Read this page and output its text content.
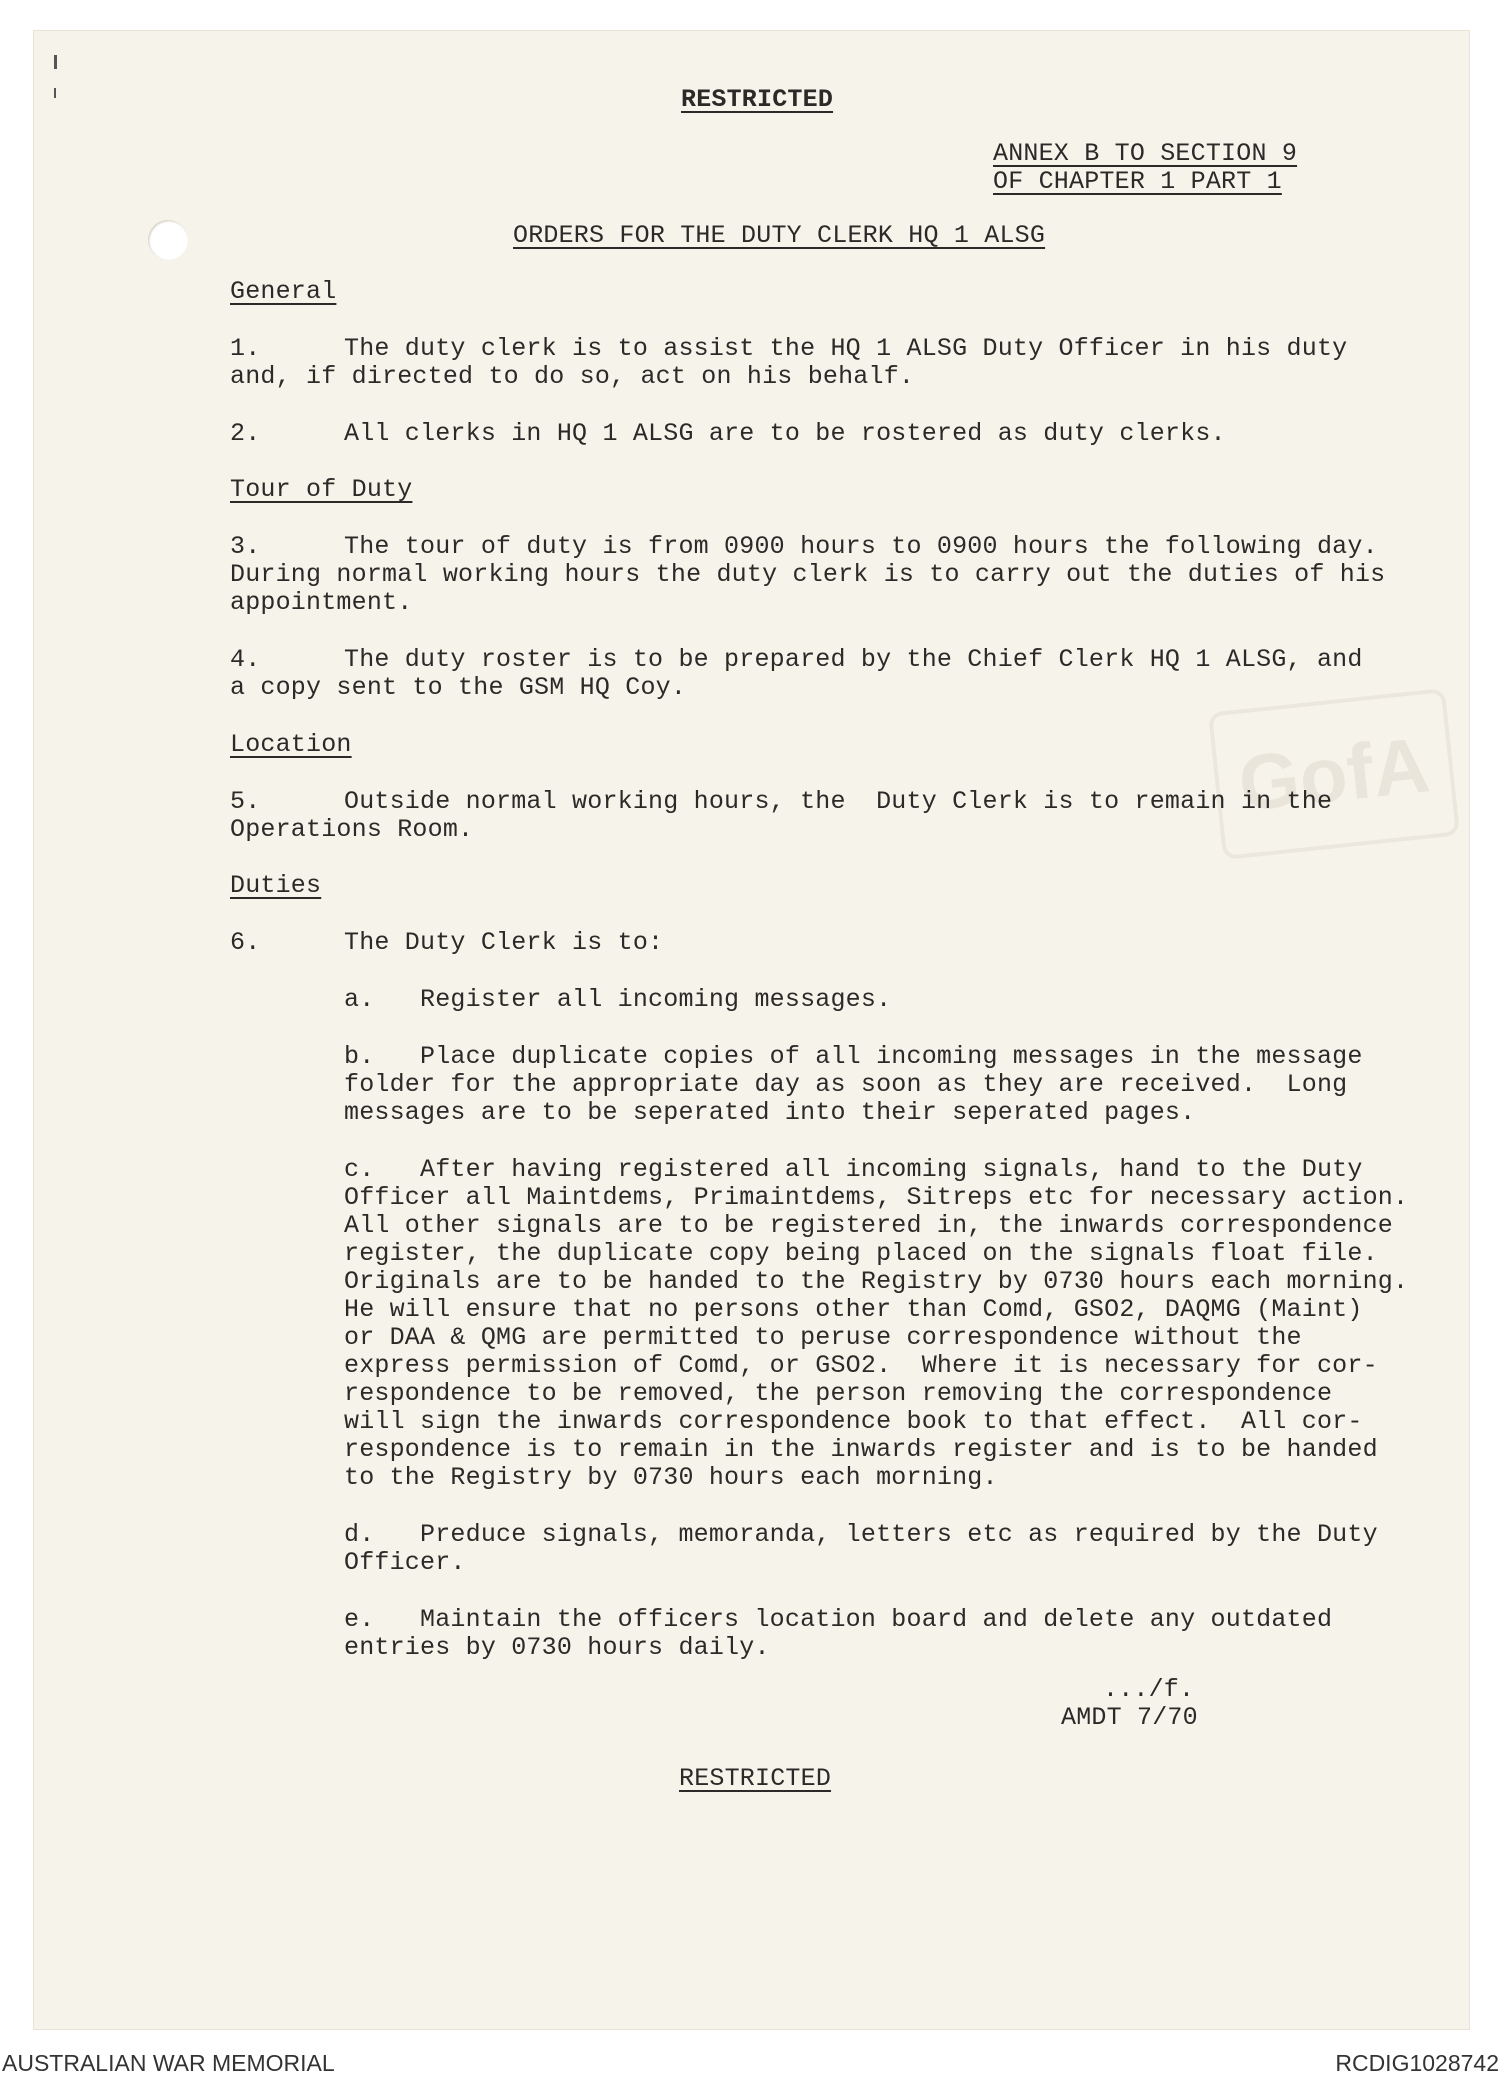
GofA
RESTRICTED
ANNEX B TO SECTION 9
OF CHAPTER 1 PART 1
ORDERS FOR THE DUTY CLERK HQ 1 ALSG
General
1.	The duty clerk is to assist the HQ 1 ALSG Duty Officer in his duty
and, if directed to do so, act on his behalf.
2.	All clerks in HQ 1 ALSG are to be rostered as duty clerks.
Tour of Duty
3.	The tour of duty is from 0900 hours to 0900 hours the following day.
During normal working hours the duty clerk is to carry out the duties of his
appointment.
4.	The duty roster is to be prepared by the Chief Clerk HQ 1 ALSG, and
a copy sent to the GSM HQ Coy.
Location
5.	Outside normal working hours, the  Duty Clerk is to remain in the
Operations Room.
Duties
6.	The Duty Clerk is to:
a.   Register all incoming messages.
b.   Place duplicate copies of all incoming messages in the message
folder for the appropriate day as soon as they are received.  Long
messages are to be seperated into their seperated pages.
c.   After having registered all incoming signals, hand to the Duty
Officer all Maintdems, Primaintdems, Sitreps etc for necessary action.
All other signals are to be registered in, the inwards correspondence
register, the duplicate copy being placed on the signals float file.
Originals are to be handed to the Registry by 0730 hours each morning.
He will ensure that no persons other than Comd, GSO2, DAQMG (Maint)
or DAA & QMG are permitted to peruse correspondence without the
express permission of Comd, or GSO2.  Where it is necessary for cor-
respondence to be removed, the person removing the correspondence
will sign the inwards correspondence book to that effect.  All cor-
respondence is to remain in the inwards register and is to be handed
to the Registry by 0730 hours each morning.
d.   Preduce signals, memoranda, letters etc as required by the Duty
Officer.
e.   Maintain the officers location board and delete any outdated
entries by 0730 hours daily.
.../f.
AMDT 7/70
RESTRICTED
AUSTRALIAN WAR MEMORIAL	RCDIG1028742
